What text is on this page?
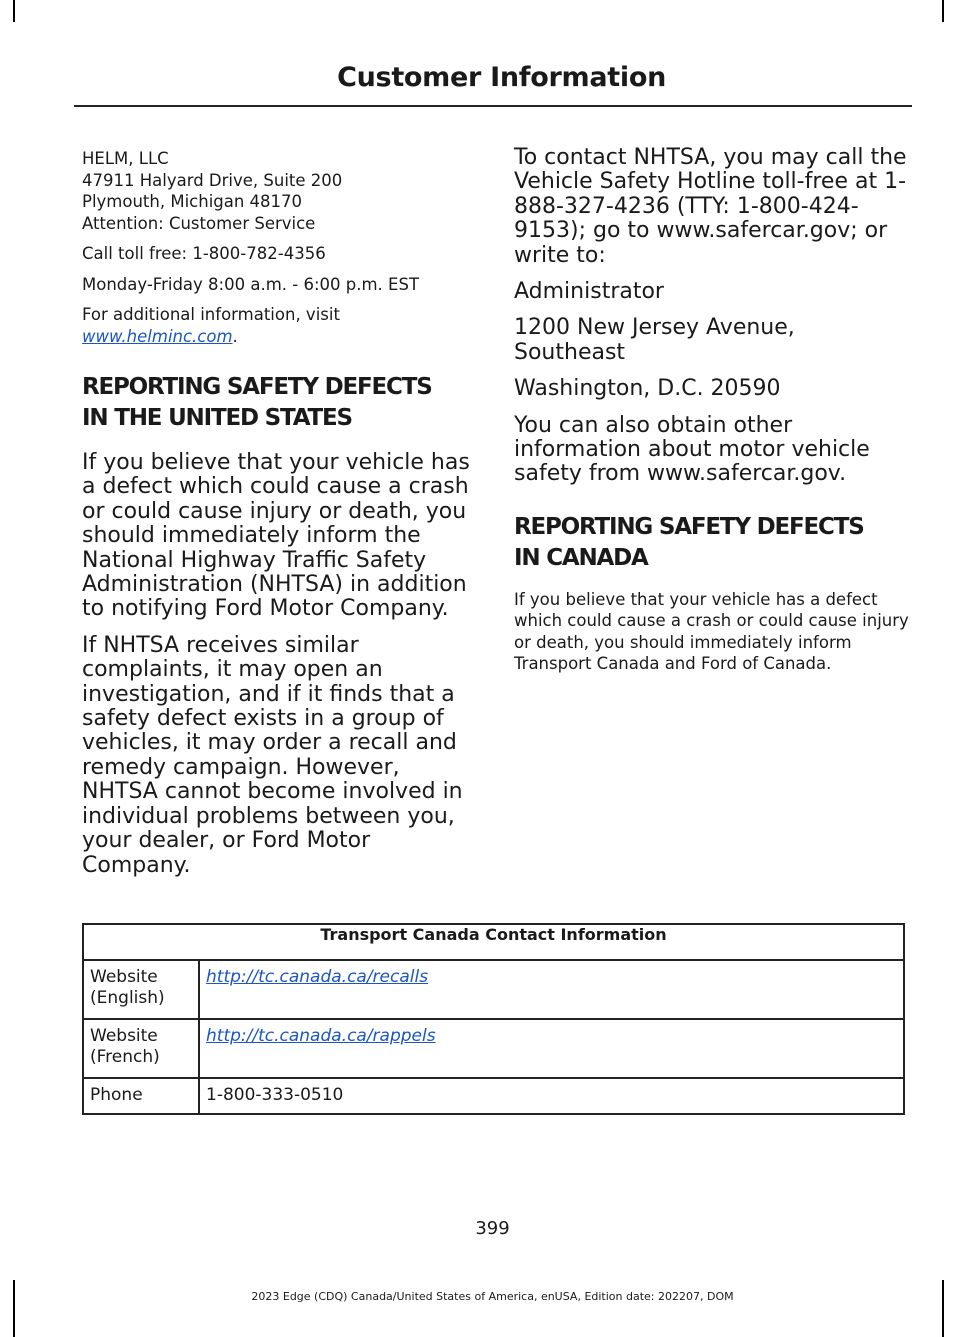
Customer Information

HELM, LLC
47911 Halyard Drive, Suite 200
Plymouth, Michigan 48170
Attention: Customer Service

Call toll free: 1-800-782-4356

Monday-Friday 8:00 a.m. - 6:00 p.m. EST

For additional information, visit
www.helminc.com.

REPORTING SAFETY DEFECTS
IN THE UNITED STATES

If you believe that your vehicle has a defect which could cause a crash or could cause injury or death, you should immediately inform the National Highway Traffic Safety Administration (NHTSA) in addition to notifying Ford Motor Company.

If NHTSA receives similar complaints, it may open an investigation, and if it finds that a safety defect exists in a group of vehicles, it may order a recall and remedy campaign. However, NHTSA cannot become involved in individual problems between you, your dealer, or Ford Motor Company.

To contact NHTSA, you may call the Vehicle Safety Hotline toll-free at 1-888-327-4236 (TTY: 1-800-424-9153); go to www.safercar.gov; or write to:

Administrator

1200 New Jersey Avenue, Southeast

Washington, D.C. 20590

You can also obtain other information about motor vehicle safety from www.safercar.gov.

REPORTING SAFETY DEFECTS
IN CANADA

If you believe that your vehicle has a defect which could cause a crash or could cause injury or death, you should immediately inform Transport Canada and Ford of Canada.

Transport Canada Contact Information	
Website (English)	http://tc.canada.ca/recalls
Website (French)	http://tc.canada.ca/rappels
Phone	1-800-333-0510
399
2023 Edge (CDQ) Canada/United States of America, enUSA, Edition date: 202207, DOM
